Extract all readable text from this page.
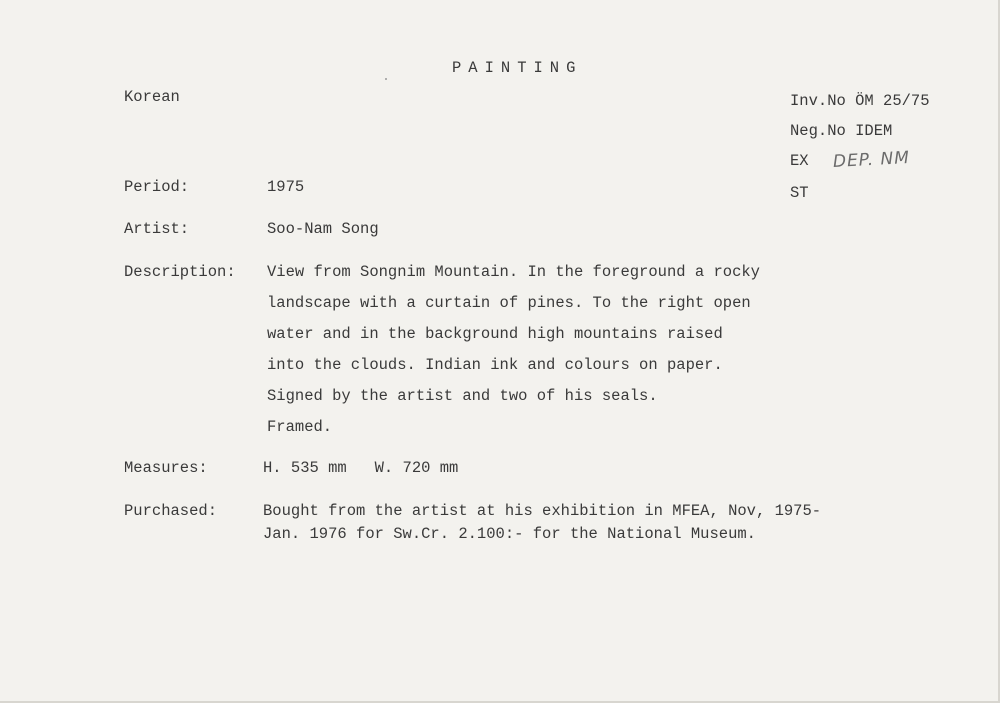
PAINTING
Korean	Inv.No ÖM 25/75
Neg.No IDEM
EX DEP. NM
ST
Period:	1975
Artist:	Soo-Nam Song
Description: View from Songnim Mountain. In the foreground a rocky
landscape with a curtain of pines. To the right open
water and in the background high mountains raised
into the clouds. Indian ink and colours on paper.
Signed by the artist and two of his seals.
Framed.
Measures:	H. 535 mm   W. 720 mm
Purchased:	Bought from the artist at his exhibition in MFEA, Nov, 1975-
Jan. 1976 for Sw.Cr. 2.100:- for the National Museum.
